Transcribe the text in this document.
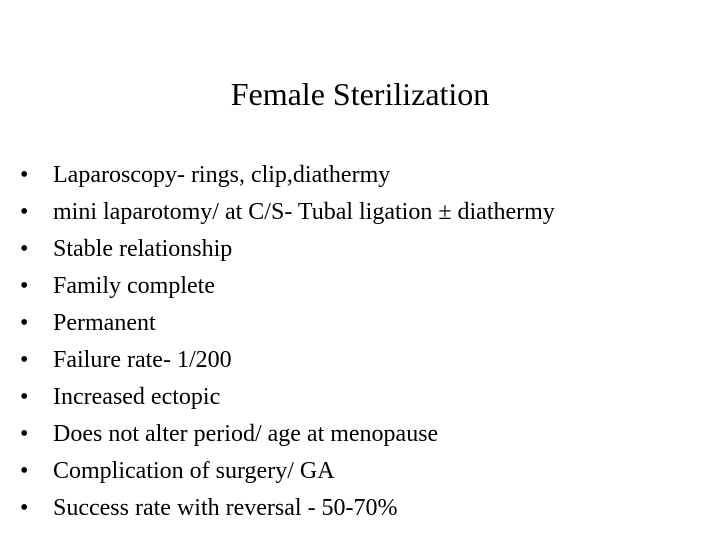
Female Sterilization
•	Laparoscopy- rings, clip,diathermy
•	mini laparotomy/ at C/S- Tubal ligation ± diathermy
•	Stable relationship
•	Family complete
•	Permanent
•	Failure rate- 1/200
•	Increased ectopic
•	Does not alter period/ age at menopause
•	Complication of surgery/ GA
•	Success rate with reversal - 50-70%
